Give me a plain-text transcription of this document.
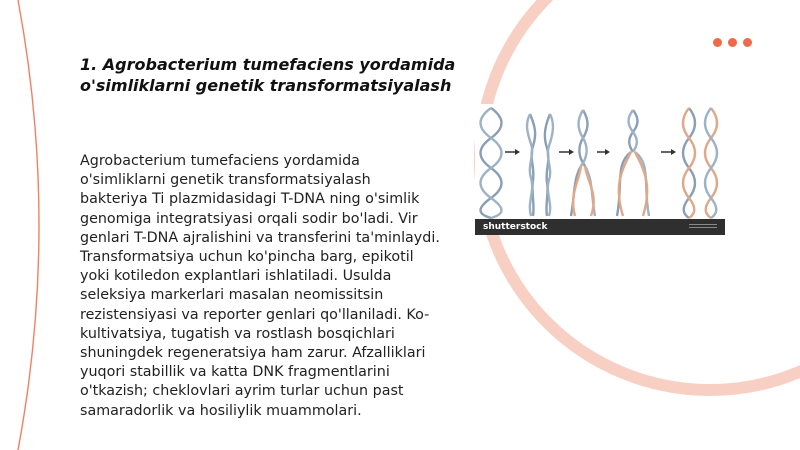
1. Agrobacterium tumefaciens yordamida o'simliklarni genetik transformatsiyalash

Agrobacterium tumefaciens yordamida o'simliklarni genetik transformatsiyalash bakteriya Ti plazmidasidagi T-DNA ning o'simlik genomiga integratsiyasi orqali sodir bo'ladi. Vir genlari T-DNA ajralishini va transferini ta'minlaydi. Transformatsiya uchun ko'pincha barg, epikotil yoki kotiledon explantlari ishlatiladi. Usulda seleksiya markerlari masalan neomissitsin rezistensiyasi va reporter genlari qo'llaniladi. Ko-kultivatsiya, tugatish va rostlash bosqichlari shuningdek regeneratsiya ham zarur. Afzalliklari yuqori stabillik va katta DNK fragmentlarini o'tkazish; cheklovlari ayrim turlar uchun past samaradorlik va hosiliylik muammolari.

shutterstock
